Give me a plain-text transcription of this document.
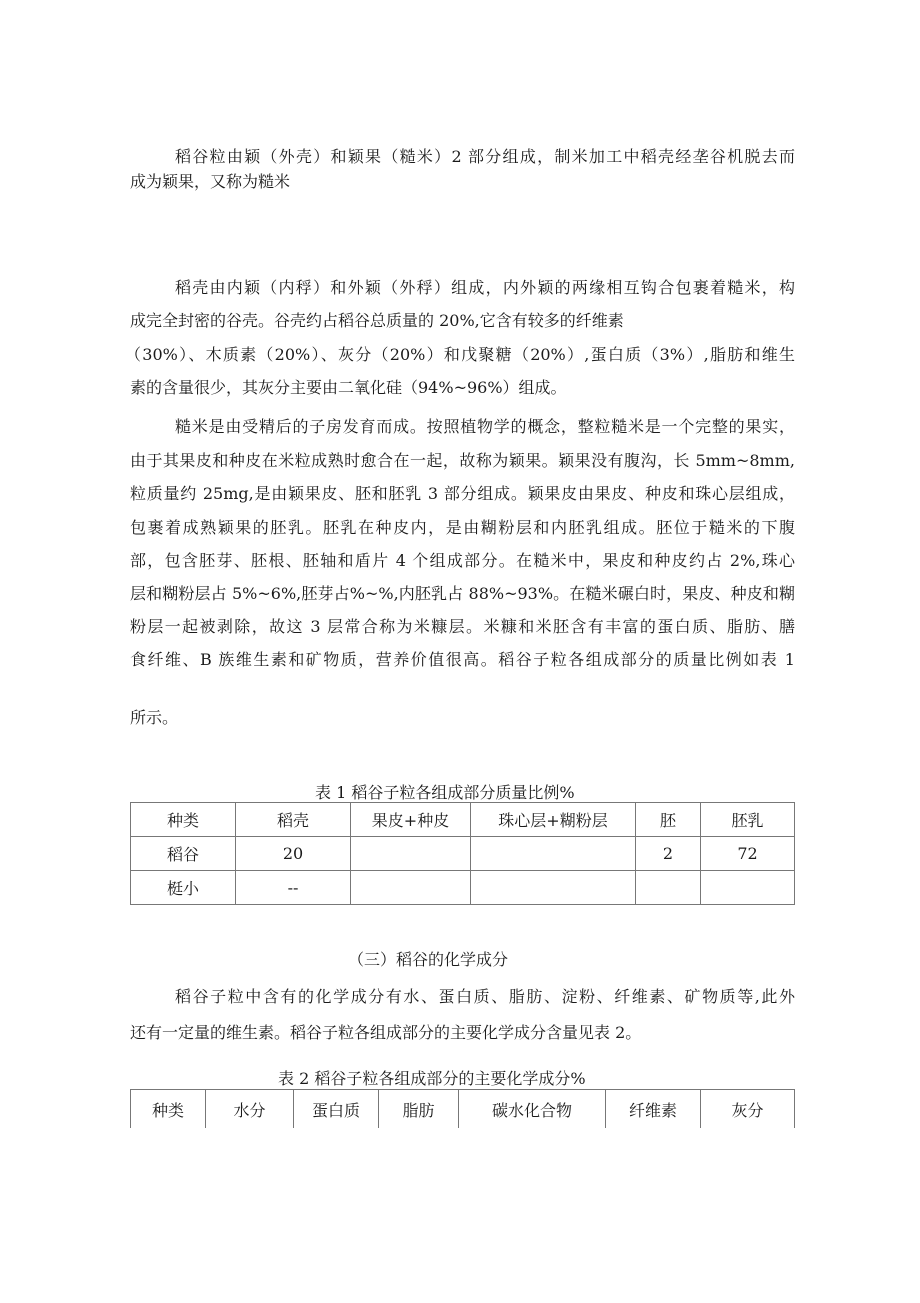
稻谷粒由颖（外壳）和颖果（糙米）2 部分组成，制米加工中稻壳经垄谷机脱去而
成为颖果，又称为糙米
稻壳由内颖（内稃）和外颖（外稃）组成，内外颖的两缘相互钩合包裹着糙米，构
成完全封密的谷壳。谷壳约占稻谷总质量的 20%,它含有较多的纤维素
（30%）、木质素（20%）、灰分（20%）和戊聚糖（20%）,蛋白质（3%）,脂肪和维生
素的含量很少，其灰分主要由二氧化硅（94%~96%）组成。
糙米是由受精后的子房发育而成。按照植物学的概念，整粒糙米是一个完整的果实，
由于其果皮和种皮在米粒成熟时愈合在一起，故称为颖果。颖果没有腹沟，长 5mm~8mm,
粒质量约 25mg,是由颖果皮、胚和胚乳 3 部分组成。颖果皮由果皮、种皮和珠心层组成，
包裹着成熟颖果的胚乳。胚乳在种皮内，是由糊粉层和内胚乳组成。胚位于糙米的下腹
部，包含胚芽、胚根、胚轴和盾片 4 个组成部分。在糙米中，果皮和种皮约占 2%,珠心
层和糊粉层占 5%~6%,胚芽占%~%,内胚乳占 88%~93%。在糙米碾白时，果皮、种皮和糊
粉层一起被剥除，故这 3 层常合称为米糠层。米糠和米胚含有丰富的蛋白质、脂肪、膳
食纤维、B 族维生素和矿物质，营养价值很高。稻谷子粒各组成部分的质量比例如表 1
所示。
表 1 稻谷子粒各组成部分质量比例%
种类	稻壳	果皮+种皮	珠心层+糊粉层	胚	胚乳
稻谷	20			2	72
梃小	--				
（三）稻谷的化学成分
稻谷子粒中含有的化学成分有水、蛋白质、脂肪、淀粉、纤维素、矿物质等,此外
还有一定量的维生素。稻谷子粒各组成部分的主要化学成分含量见表 2。
表 2 稻谷子粒各组成部分的主要化学成分%
种类	水分	蛋白质	脂肪	碳水化合物	纤维素	灰分
